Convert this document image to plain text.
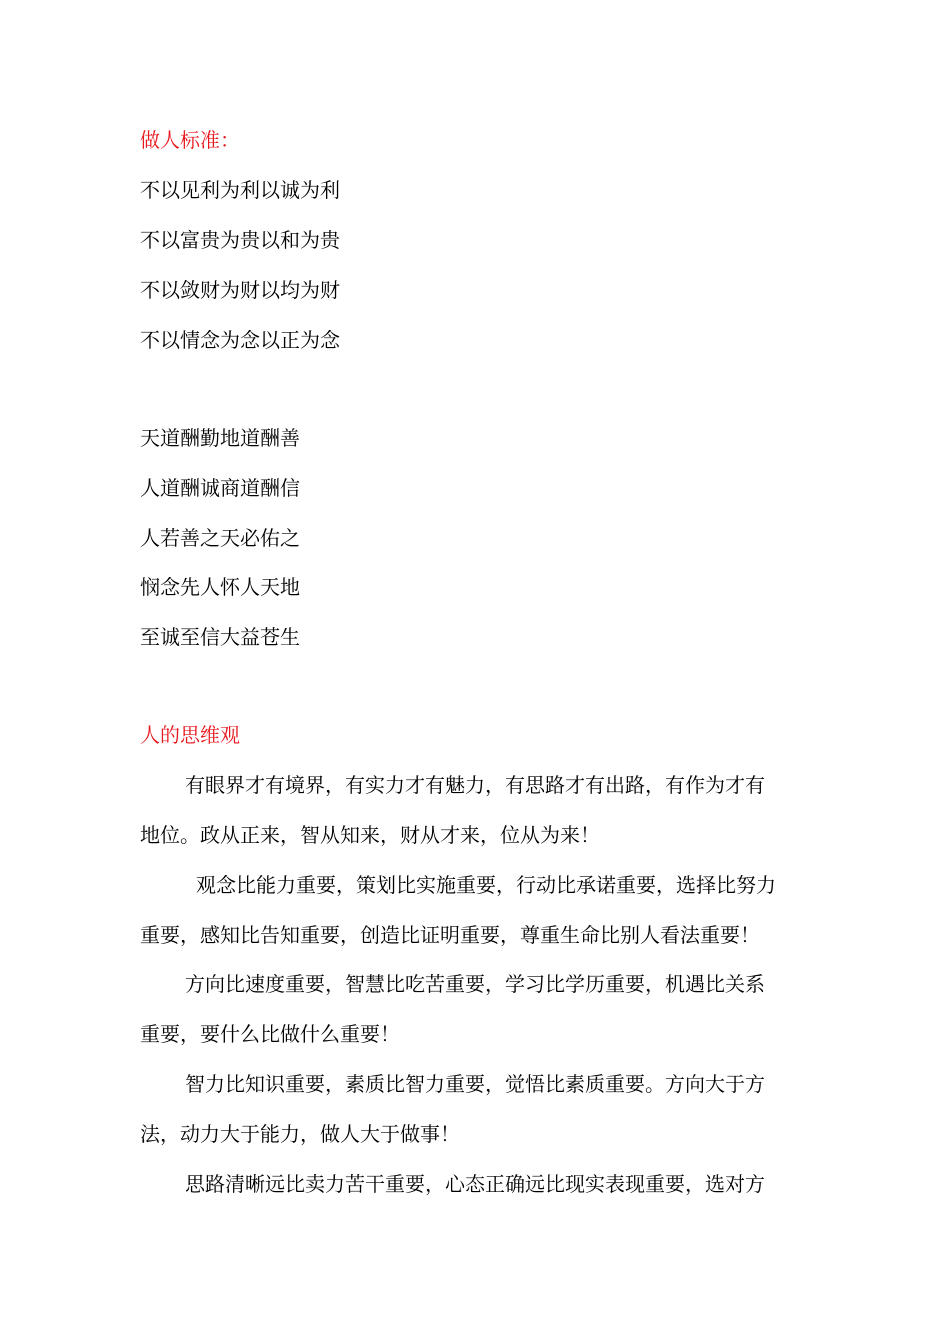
做人标准：

不以见利为利以诚为利

不以富贵为贵以和为贵

不以敛财为财以均为财

不以情念为念以正为念

天道酬勤地道酬善

人道酬诚商道酬信

人若善之天必佑之

悯念先人怀人天地

至诚至信大益苍生

人的思维观

有眼界才有境界，有实力才有魅力，有思路才有出路，有作为才有

地位。政从正来，智从知来，财从才来，位从为来！

观念比能力重要，策划比实施重要，行动比承诺重要，选择比努力

重要，感知比告知重要，创造比证明重要，尊重生命比别人看法重要！

方向比速度重要，智慧比吃苦重要，学习比学历重要，机遇比关系

重要，要什么比做什么重要！

智力比知识重要，素质比智力重要，觉悟比素质重要。方向大于方

法，动力大于能力，做人大于做事！

思路清晰远比卖力苦干重要，心态正确远比现实表现重要，选对方
